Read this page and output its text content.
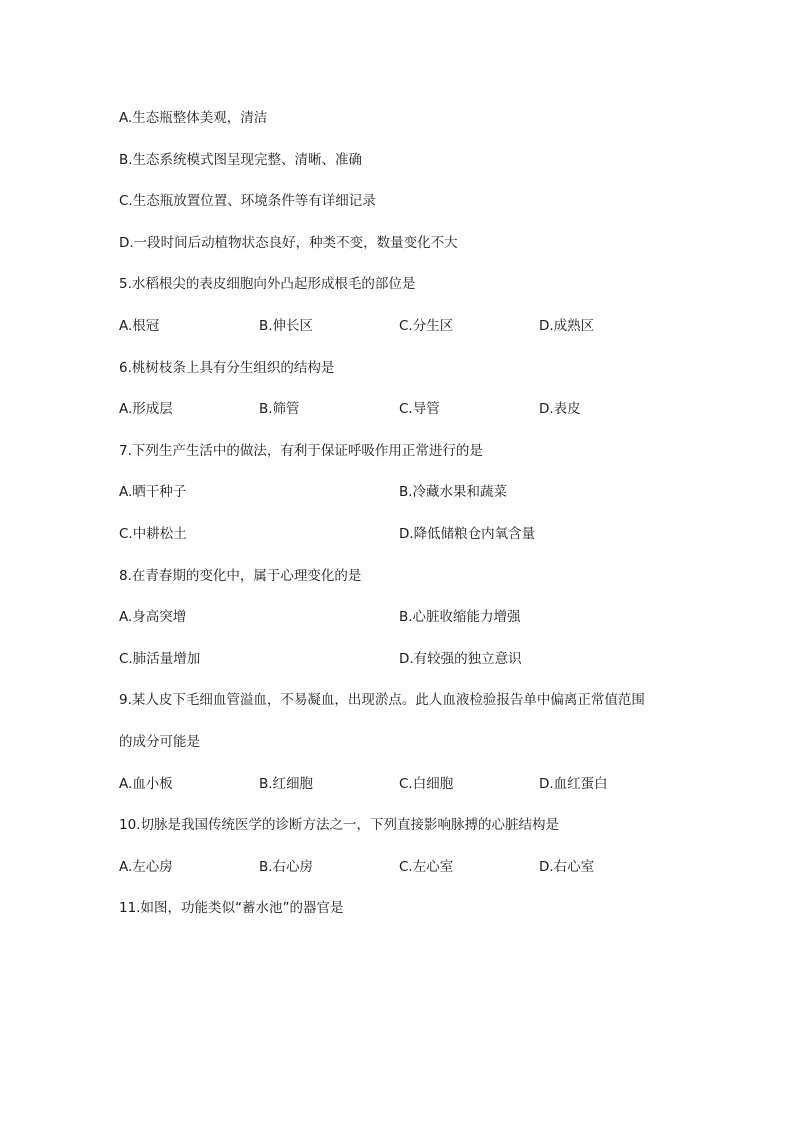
A.生态瓶整体美观，清洁
B.生态系统模式图呈现完整、清晰、准确
C.生态瓶放置位置、环境条件等有详细记录
D.一段时间后动植物状态良好，种类不变，数量变化不大
5.水稻根尖的表皮细胞向外凸起形成根毛的部位是
A.根冠	B.伸长区	C.分生区	D.成熟区
6.桃树枝条上具有分生组织的结构是
A.形成层	B.筛管	C.导管	D.表皮
7.下列生产生活中的做法，有利于保证呼吸作用正常进行的是
A.晒干种子	B.冷藏水果和蔬菜
C.中耕松土	D.降低储粮仓内氧含量
8.在青春期的变化中，属于心理变化的是
A.身高突增	B.心脏收缩能力增强
C.肺活量增加	D.有较强的独立意识
9.某人皮下毛细血管溢血，不易凝血，出现淤点。此人血液检验报告单中偏离正常值范围
的成分可能是
A.血小板	B.红细胞	C.白细胞	D.血红蛋白
10.切脉是我国传统医学的诊断方法之一，下列直接影响脉搏的心脏结构是
A.左心房	B.右心房	C.左心室	D.右心室
11.如图，功能类似“蓄水池”的器官是
